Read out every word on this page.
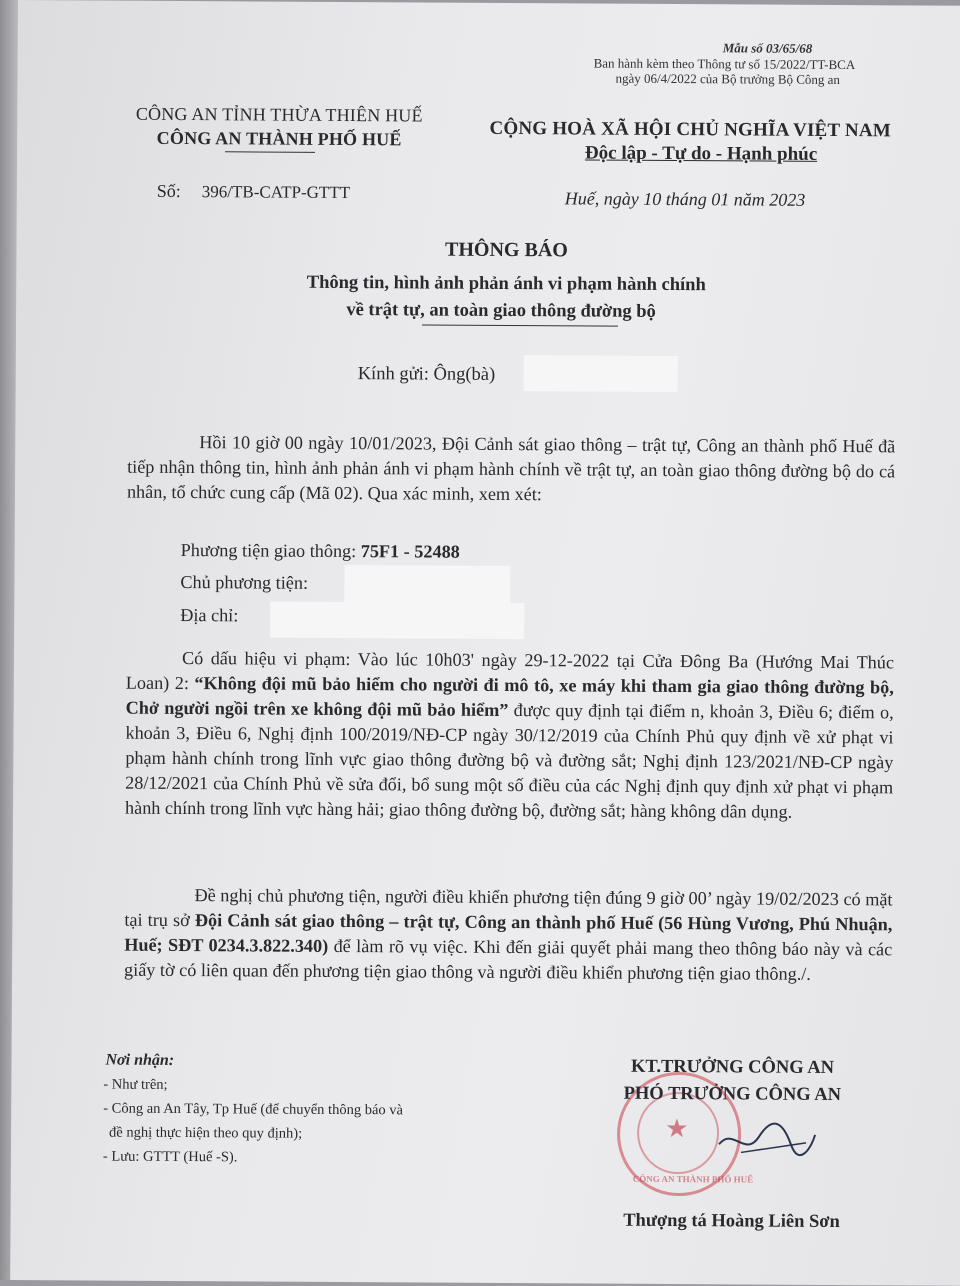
Mẫu số 03/65/68
Ban hành kèm theo Thông tư số 15/2022/TT-BCA
ngày 06/4/2022 của Bộ trưởng Bộ Công an
CÔNG AN TỈNH THỪA THIÊN HUẾ
CÔNG AN THÀNH PHỐ HUẾ	CỘNG HOÀ XÃ HỘI CHỦ NGHĨA VIỆT NAM
Độc lập - Tự do - Hạnh phúc
Số: 396/TB-CATP-GTTT	Huế, ngày 10 tháng 01 năm 2023
THÔNG BÁO
Thông tin, hình ảnh phản ánh vi phạm hành chính
về trật tự, an toàn giao thông đường bộ
Kính gửi: Ông(bà)
Hồi 10 giờ 00 ngày 10/01/2023, Đội Cảnh sát giao thông – trật tự, Công an thành phố Huế đã tiếp nhận thông tin, hình ảnh phản ánh vi phạm hành chính về trật tự, an toàn giao thông đường bộ do cá nhân, tổ chức cung cấp (Mã 02). Qua xác minh, xem xét:
Phương tiện giao thông: 75F1 - 52488
Chủ phương tiện:
Địa chỉ:
Có dấu hiệu vi phạm: Vào lúc 10h03' ngày 29-12-2022 tại Cửa Đông Ba (Hướng Mai Thúc Loan) 2: “Không đội mũ bảo hiểm cho người đi mô tô, xe máy khi tham gia giao thông đường bộ, Chở người ngồi trên xe không đội mũ bảo hiểm” được quy định tại điểm n, khoản 3, Điều 6; điểm o, khoản 3, Điều 6, Nghị định 100/2019/NĐ-CP ngày 30/12/2019 của Chính Phủ quy định về xử phạt vi phạm hành chính trong lĩnh vực giao thông đường bộ và đường sắt; Nghị định 123/2021/NĐ-CP ngày 28/12/2021 của Chính Phủ về sửa đổi, bổ sung một số điều của các Nghị định quy định xử phạt vi phạm hành chính trong lĩnh vực hàng hải; giao thông đường bộ, đường sắt; hàng không dân dụng.
Đề nghị chủ phương tiện, người điều khiển phương tiện đúng 9 giờ 00’ ngày 19/02/2023 có mặt tại trụ sở Đội Cảnh sát giao thông – trật tự, Công an thành phố Huế (56 Hùng Vương, Phú Nhuận, Huế; SĐT 0234.3.822.340) để làm rõ vụ việc. Khi đến giải quyết phải mang theo thông báo này và các giấy tờ có liên quan đến phương tiện giao thông và người điều khiển phương tiện giao thông./.
Nơi nhận:
- Như trên;
- Công an An Tây, Tp Huế (để chuyển thông báo và
đề nghị thực hiện theo quy định);
- Lưu: GTTT (Huế -S).
★
CÔNG AN THÀNH PHỐ HUẾ
KT.TRƯỞNG CÔNG AN
PHÓ TRƯỞNG CÔNG AN
Thượng tá Hoàng Liên Sơn
